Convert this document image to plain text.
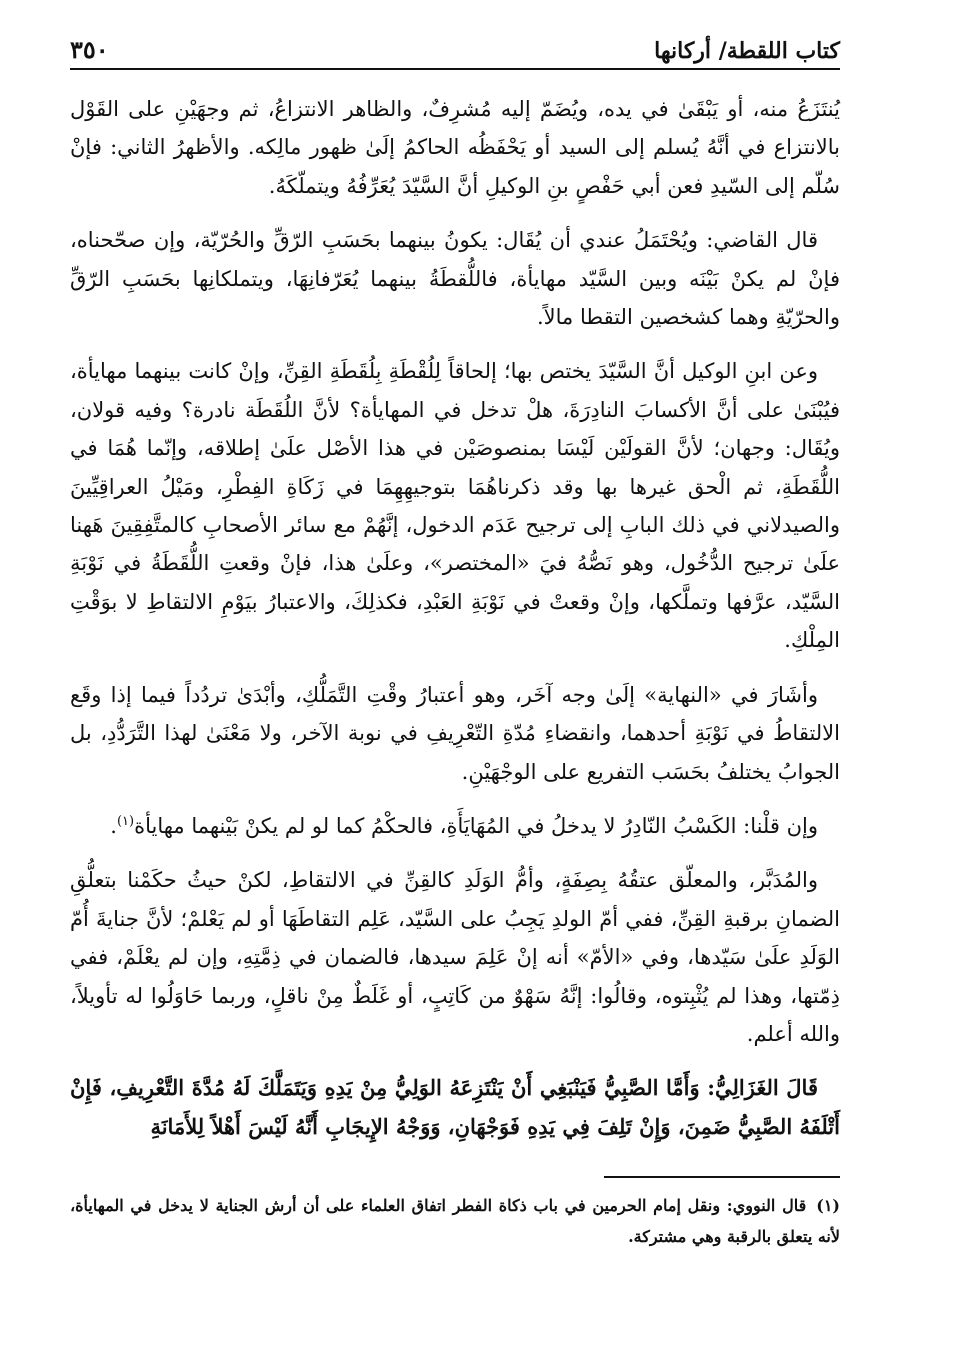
كتاب اللقطة/ أركانها
٣٥٠

يُنتَزَعُ منه، أو يَبْقَىٰ في يده، ويُضَمّ إليه مُشرِفٌ، والظاهر الانتزاعُ، ثم وجهَيْنِ على القَوْل بالانتزاع في أنَّهُ يُسلم إلى السيد أو يَحْفَظُه الحاكمُ إلَىٰ ظهور مالِكه. والأظهرُ الثاني: فإنْ سُلّم إلى السّيدِ فعن أبي حَفْصٍ بنِ الوكيلِ أنَّ السَّيّدَ يُعَرِّفُهُ ويتملّكَهُ.

قال القاضي: ويُحْتَمَلُ عندي أن يُقَال: يكونُ بينهما بحَسَبِ الرّقِّ والحُرّيّة، وإن صحّحناه، فإنْ لم يكنْ بَيْنَه وبين السَّيّد مهايأة، فاللُّقطَةُ بينهما يُعَرّفانِهَا، ويتملكانِها بحَسَبِ الرّقِّ والحرّيّةِ وهما كشخصين التقطا مالاً.

وعن ابنِ الوكيل أنَّ السَّيّدَ يختص بها؛ إلحاقاً لِلُقْطَةِ بِلُقَطَةِ القِنِّ، وإنْ كانت بينهما مهايأة، فيُبْنَىٰ على أنَّ الأكسابَ النادِرَةَ، هلْ تدخل في المهايأة؟ لأنَّ اللُقَطَة نادرة؟ وفيه قولان، ويُقَال: وجهان؛ لأنَّ القولَيْن لَيْسَا بمنصوصَيْن في هذا الأصْل علَىٰ إطلاقه، وإنّما هُمَا في اللُّقَطَةِ، ثم الْحق غيرها بها وقد ذكرناهُمَا بتوجيهِهِمَا في زَكَاةِ الفِطْرِ، ومَيْلُ العراقِيِّينَ والصيدلاني في ذلك البابِ إلى ترجيح عَدَم الدخول، إنَّهُمْ مع سائر الأصحابِ كالمتَّفِقِينَ هَهنا علَىٰ ترجيح الدُّخُول، وهو نَصُّهُ فيَ «المختصر»، وعلَىٰ هذا، فإنْ وقعتِ اللُّقَطَةُ في نَوْبَةِ السَّيّد، عرَّفها وتملَّكها، وإنْ وقعتْ في نَوْبَةِ العَبْدِ، فكذلِكَ، والاعتبارُ بيَوْمِ الالتقاطِ لا بوَقْتِ المِلْكِ.

وأشَارَ في «النهاية» إلَىٰ وجه آخَر، وهو أعتبارُ وقْتِ التَّمَلُّكِ، وأبْدَىٰ تردُداً فيما إذا وقَع الالتقاطُ في نَوْبَةِ أحدهما، وانقضاءِ مُدّةِ التّعْرِيفِ في نوبة الآخر، ولا مَعْنَىٰ لهذا التَّرَدُّدِ، بل الجوابُ يختلفُ بحَسَب التفريع على الوجْهَيْنِ.

وإن قلْنا: الكَسْبُ النّادِرُ لا يدخلُ في المُهَايَأَةِ، فالحكْمُ كما لو لم يكنْ بَيْنهما مهايأة$^{(١)}$.

والمُدَبَّر، والمعلّق عتقُهُ بِصِفَةٍ، وأمُّ الوَلَدِ كالقِنِّ في الالتقاطِ، لكنْ حيثُ حكَمْنا بتعلُّقِ الضمانِ برقبةِ القِنِّ، ففي أمّ الولدِ يَجِبُ على السَّيّد، عَلِم التقاطَهَا أو لم يَعْلمْ؛ لأنَّ جنايةَ أُمّ الوَلَدِ علَىٰ سَيّدها، وفي «الأمّ» أنه إنْ عَلِمَ سيدها، فالضمان في ذِمَّتِهِ، وإن لم يعْلَمْ، ففي ذِمّتها، وهذا لم يُثْبِتوه، وقالُوا: إنَّهُ سَهْوٌ من كَاتِبٍ، أو غَلَطٌ مِنْ ناقلٍ، وربما حَاوَلُوا له تأويلاً، والله أعلم.

قَالَ الغَزَالِيُّ: وَأَمَّا الصَّبِيُّ فَيَنْبَغِي أَنْ يَنْتَزِعَهُ الوَلِيُّ مِنْ يَدِهِ وَيَتَمَلَّكَ لَهُ مُدَّةَ التَّعْرِيفِ، فَإِنْ أَتْلَفَهُ الصَّبِيُّ ضَمِنَ، وَإِنْ تَلِفَ فِي يَدِهِ فَوَجْهَانِ، وَوَجْهُ الإِيجَابِ أَنَّهُ لَيْسَ أَهْلاً لِلأَمَانَةِ

(١)قال النووي: ونقل إمام الحرمين في باب ذكاة الفطر اتفاق العلماء على أن أرش الجناية لا يدخل في المهايأة، لأنه يتعلق بالرقبة وهي مشتركة.
